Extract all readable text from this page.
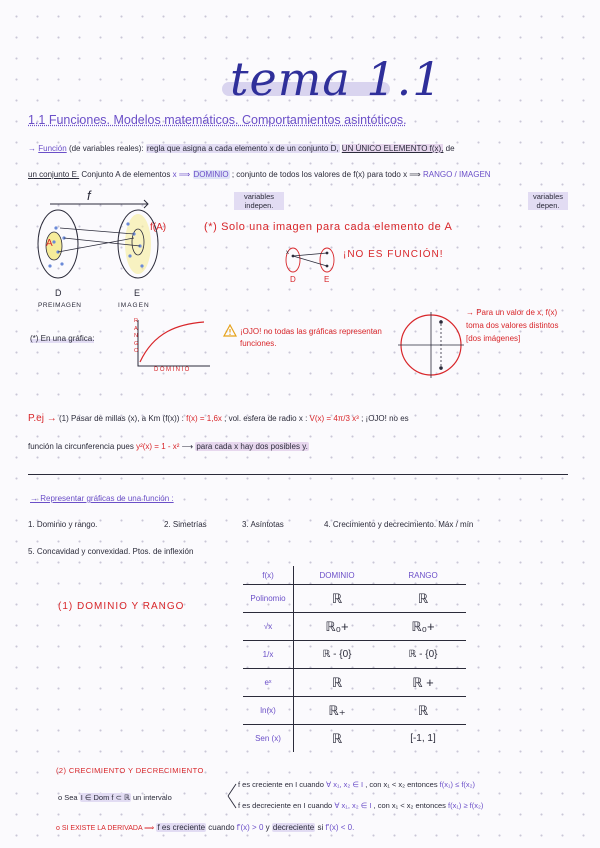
tema 1.1
1.1 Funciones. Modelos matemáticos. Comportamientos asintóticos.
→ Función (de variables reales): regla que asigna a cada elemento x de un conjunto D, UN ÚNICO ELEMENTO f(x), de
un conjunto E. Conjunto A de elementos x ⟹ DOMINIO ; conjunto de todos los valores de f(x) para todo x ⟹ RANGO / IMAGEN
variables indepen.
variables depen.
f
A
f(A)
D	E
PREIMAGEN	IMAGEN
(*) Solo una imagen para cada elemento de A
x
D	E
¡NO ES FUNCIÓN!
(*) En una gráfica:
R A N G O
DOMINIO
¡OJO! no todas las gráficas representan funciones.
→ Para un valor de x, f(x) toma dos valores distintos [dos imágenes]
P.ej → (1) Pasar de millas (x), a Km (f(x)) : f(x) = 1,6x ; vol. esfera de radio x : V(x) = 4π/3 x³ ; ¡OJO! no es
función la circunferencia pues y²(x) = 1 - x² ⟶ para cada x hay dos posibles y.
→ Representar gráficas de una función :
1. Dominio y rango.	2. Simetrías	3. Asíntotas	4. Crecimiento y decrecimiento. Máx / mín
5. Concavidad y convexidad. Ptos. de inflexión
(1) DOMINIO Y RANGO
f(x)	DOMINIO	RANGO
Polinomio	ℝ	ℝ
√x	ℝ₀+	ℝ₀+
1/x	ℝ - {0}	ℝ - {0}
eˣ	ℝ	ℝ +
ln(x)	ℝ₊	ℝ
Sen (x)	ℝ	[-1, 1]
(2) CRECIMIENTO Y DECRECIMIENTO
o Sea I ∈ Dom f ⊂ ℝ un intervalo
f es creciente en I cuando ∀ x₁, x₂ ∈ I , con x₁ < x₂ entonces f(x₁) ≤ f(x₂)
f es decreciente en I cuando ∀ x₁, x₂ ∈ I , con x₁ < x₂ entonces f(x₁) ≥ f(x₂)
o SI EXISTE LA DERIVADA ⟹ f es creciente cuando f'(x) > 0 y decreciente si f'(x) < 0.
